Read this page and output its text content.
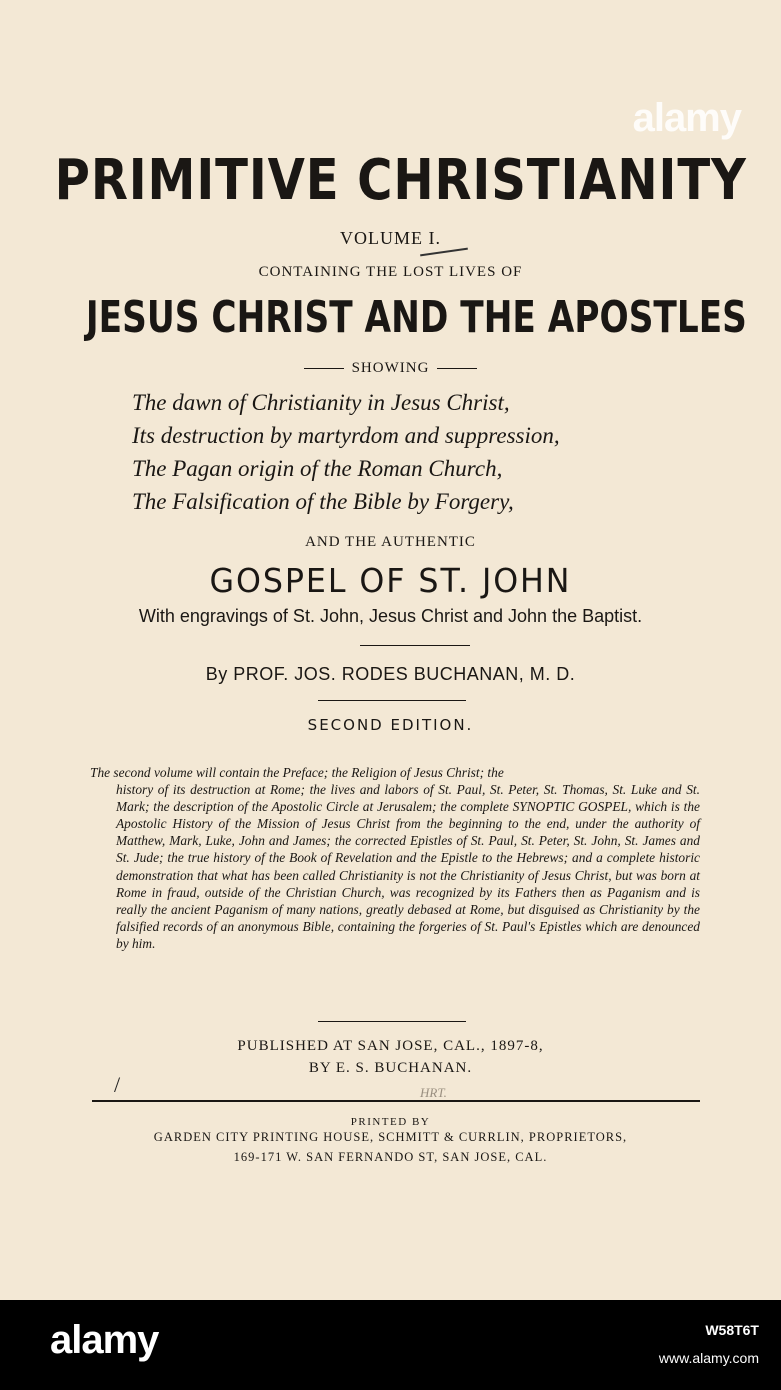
alamy
PRIMITIVE CHRISTIANITY
VOLUME I.
CONTAINING THE LOST LIVES OF
JESUS CHRIST AND THE APOSTLES
SHOWING
The dawn of Christianity in Jesus Christ,
Its destruction by martyrdom and suppression,
The Pagan origin of the Roman Church,
The Falsification of the Bible by Forgery,
AND THE AUTHENTIC
GOSPEL OF ST. JOHN
With engravings of St. John, Jesus Christ and John the Baptist.
By PROF. JOS. RODES BUCHANAN, M. D.
SECOND EDITION.
The second volume will contain the Preface; the Religion of Jesus Christ; the
history of its destruction at Rome; the lives and labors of St. Paul, St. Peter, St. Thomas, St. Luke and St. Mark; the description of the Apostolic Circle at Jerusalem; the complete SYNOPTIC GOSPEL, which is the Apostolic History of the Mission of Jesus Christ from the beginning to the end, under the authority of Matthew, Mark, Luke, John and James; the corrected Epistles of St. Paul, St. Peter, St. John, St. James and St. Jude; the true history of the Book of Revelation and the Epistle to the Hebrews; and a complete historic demonstration that what has been called Christianity is not the Christianity of Jesus Christ, but was born at Rome in fraud, outside of the Christian Church, was recognized by its Fathers then as Paganism and is really the ancient Paganism of many nations, greatly debased at Rome, but disguised as Christianity by the falsified records of an anonymous Bible, containing the forgeries of St. Paul's Epistles which are denounced by him.
PUBLISHED AT SAN JOSE, CAL., 1897-8,
BY E. S. BUCHANAN.
/	HRT.
PRINTED BY
GARDEN CITY PRINTING HOUSE, SCHMITT & CURRLIN, PROPRIETORS,
169-171 W. SAN FERNANDO ST, SAN JOSE, CAL.
alamy	W58T6T
www.alamy.com
